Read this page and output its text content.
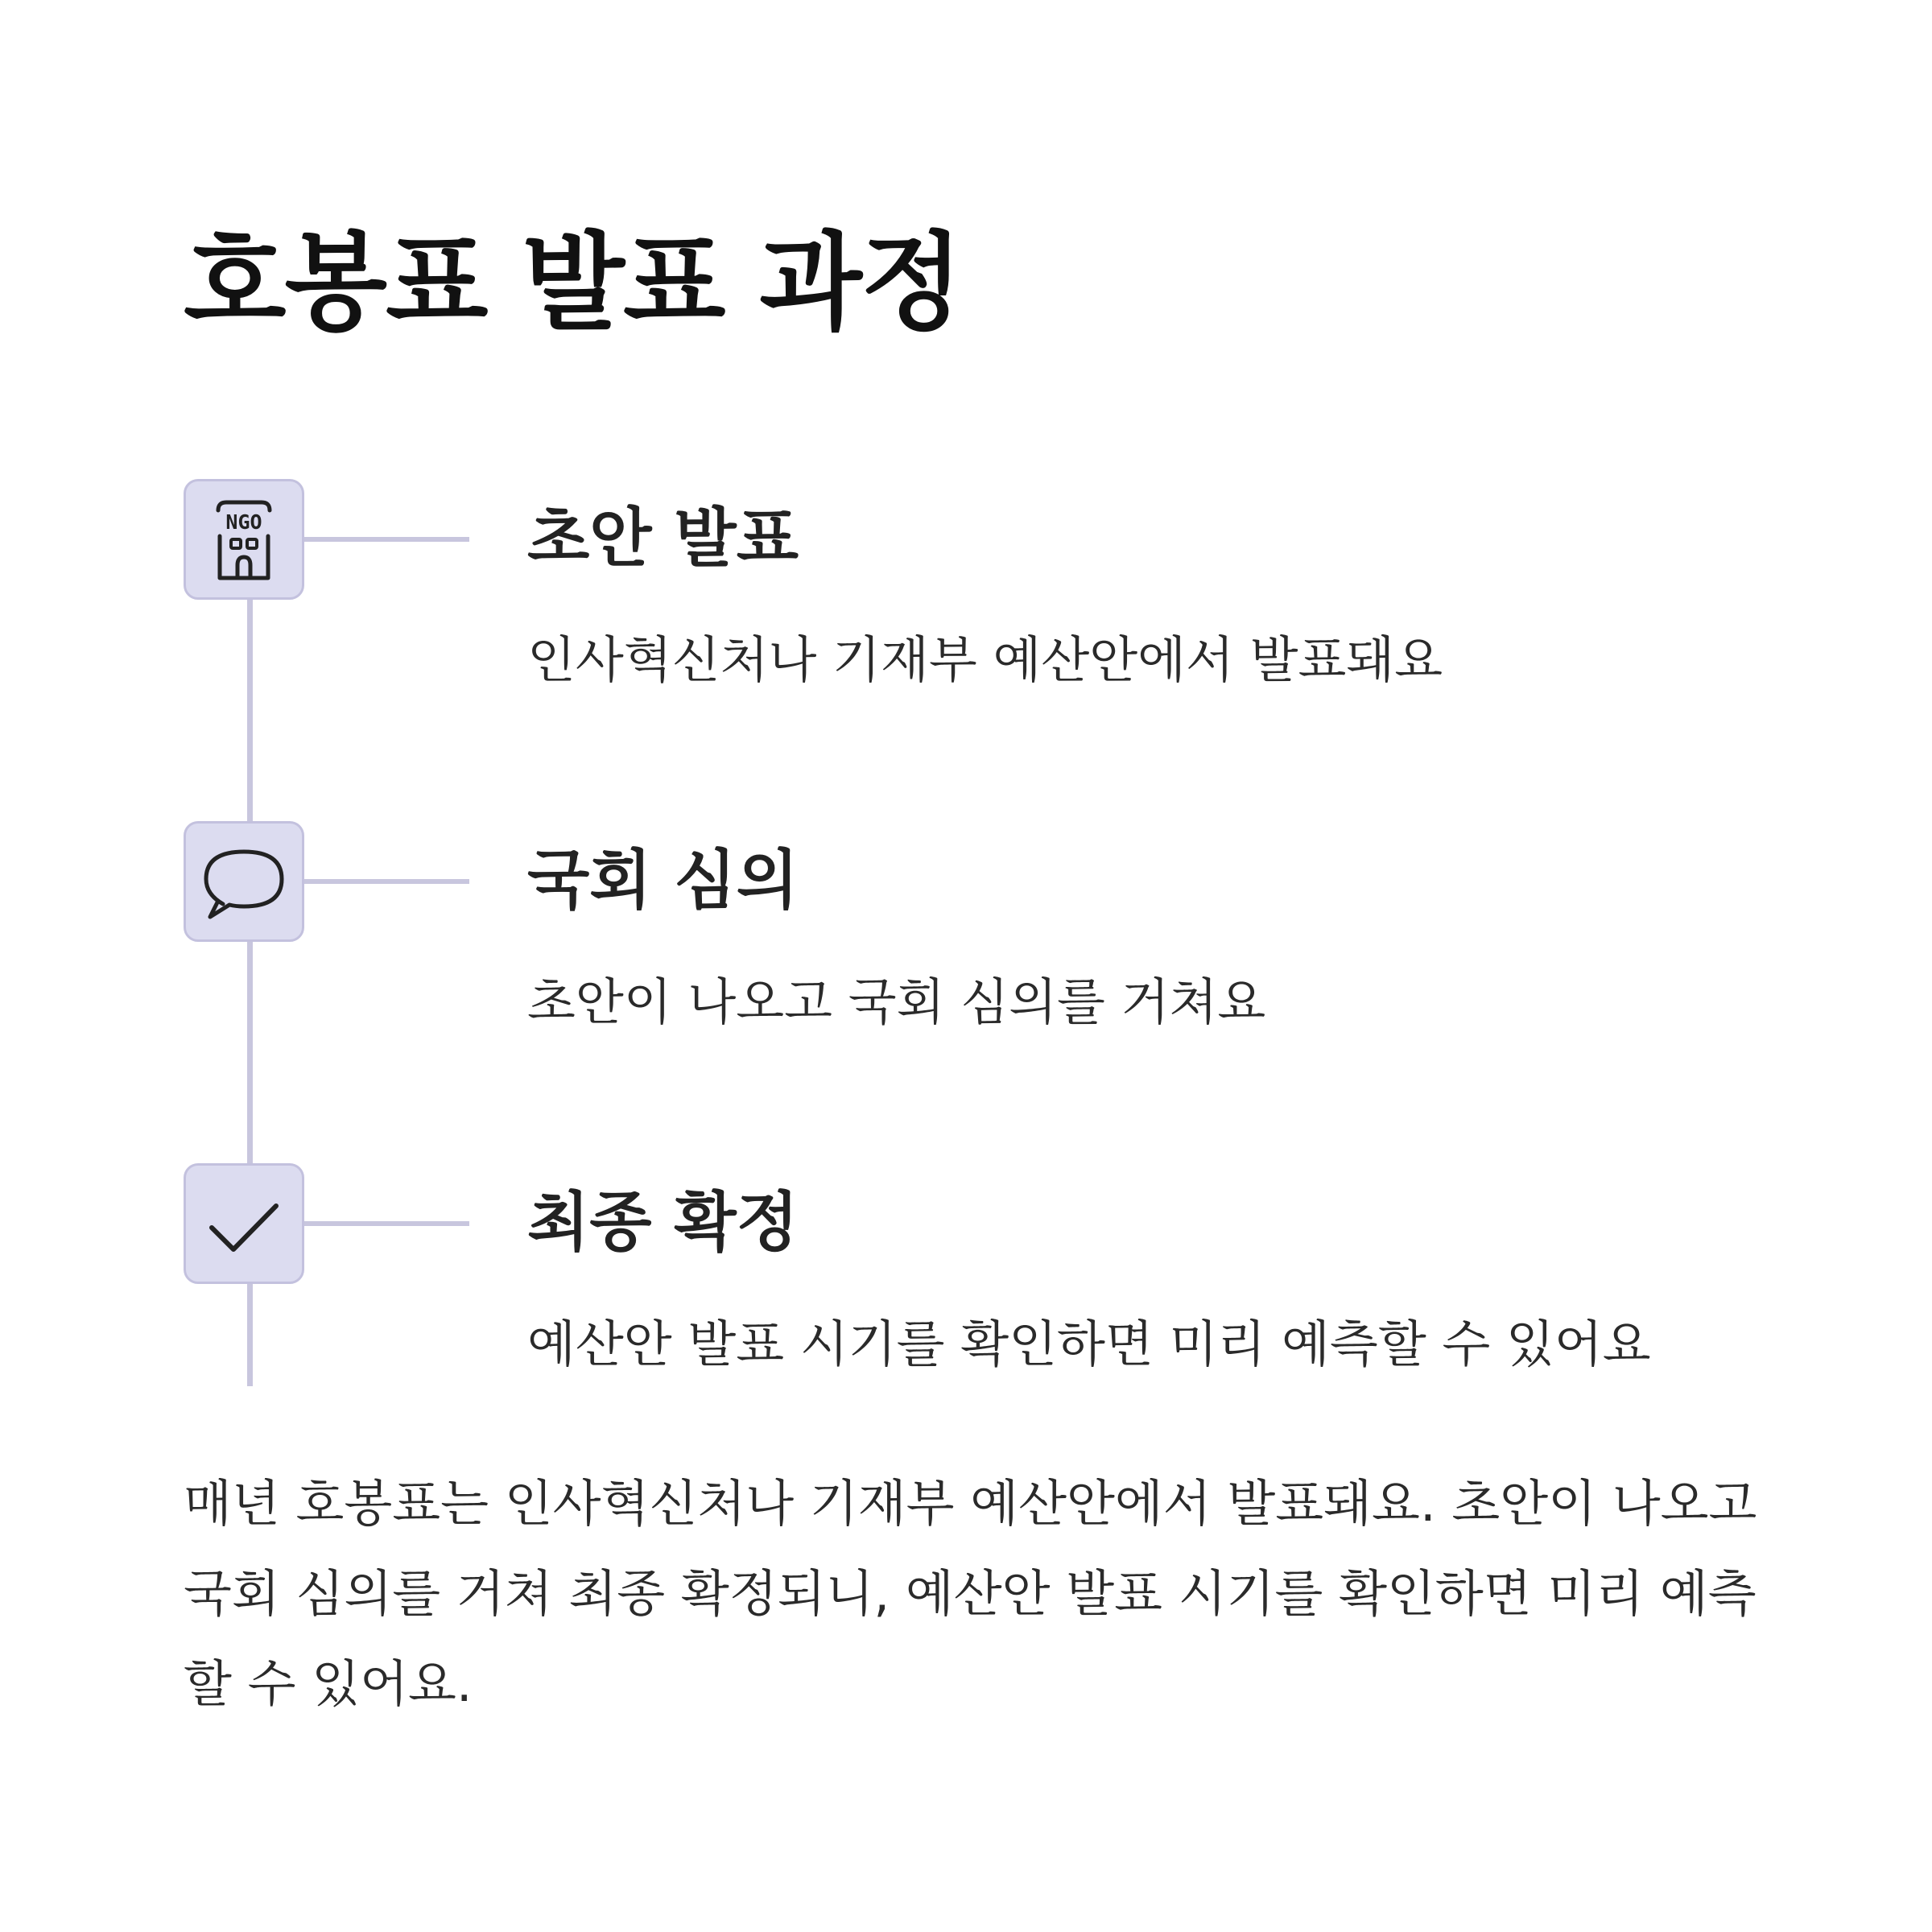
호봉표 발표 과정
NGO	초안 발표
인사혁신처나 기재부 예산안에서 발표돼요
국회 심의
초안이 나오고 국회 심의를 거쳐요
최종 확정
예산안 발표 시기를 확인하면 미리 예측할 수 있어요
매년 호봉표는 인사혁신처나 기재부 예산안에서 발표돼요. 초안이 나오고 국회 심의를 거쳐 최종 확정되니, 예산안 발표 시기를 확인하면 미리 예측할 수 있어요.
